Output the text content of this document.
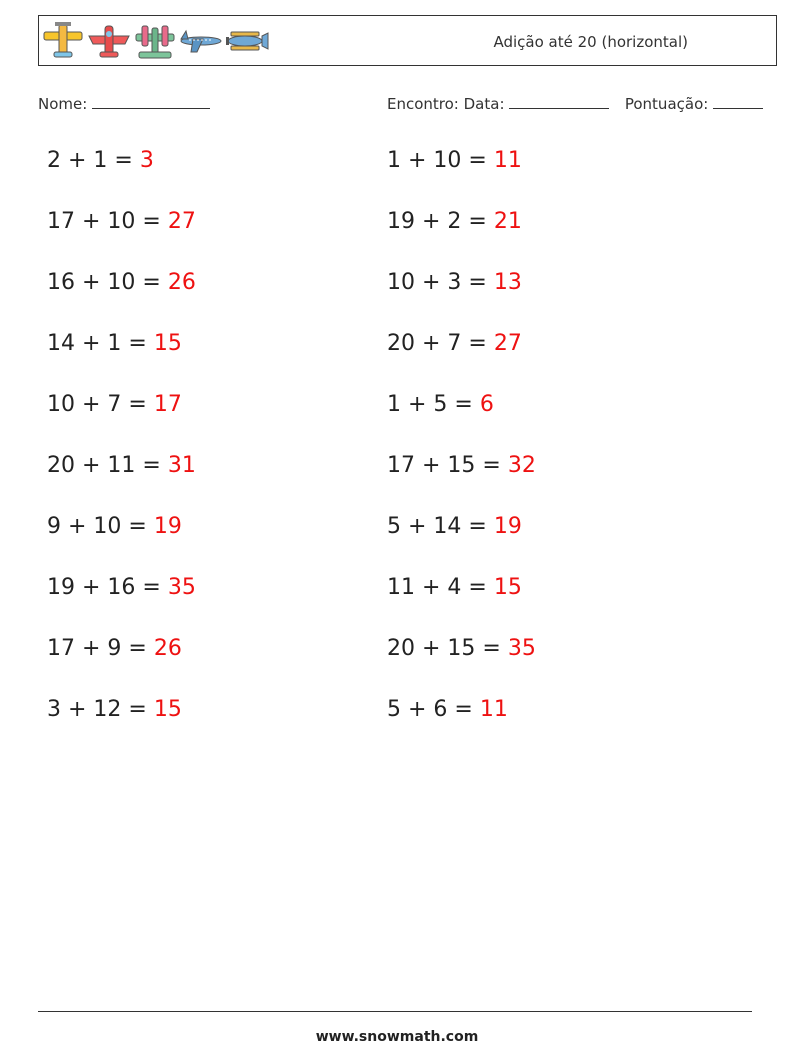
Adição até 20 (horizontal)
Nome:	Encontro: Data:	Pontuação:
2 + 1 = 3
17 + 10 = 27
16 + 10 = 26
14 + 1 = 15
10 + 7 = 17
20 + 11 = 31
9 + 10 = 19
19 + 16 = 35
17 + 9 = 26
3 + 12 = 15
1 + 10 = 11
19 + 2 = 21
10 + 3 = 13
20 + 7 = 27
1 + 5 = 6
17 + 15 = 32
5 + 14 = 19
11 + 4 = 15
20 + 15 = 35
5 + 6 = 11
www.snowmath.com
